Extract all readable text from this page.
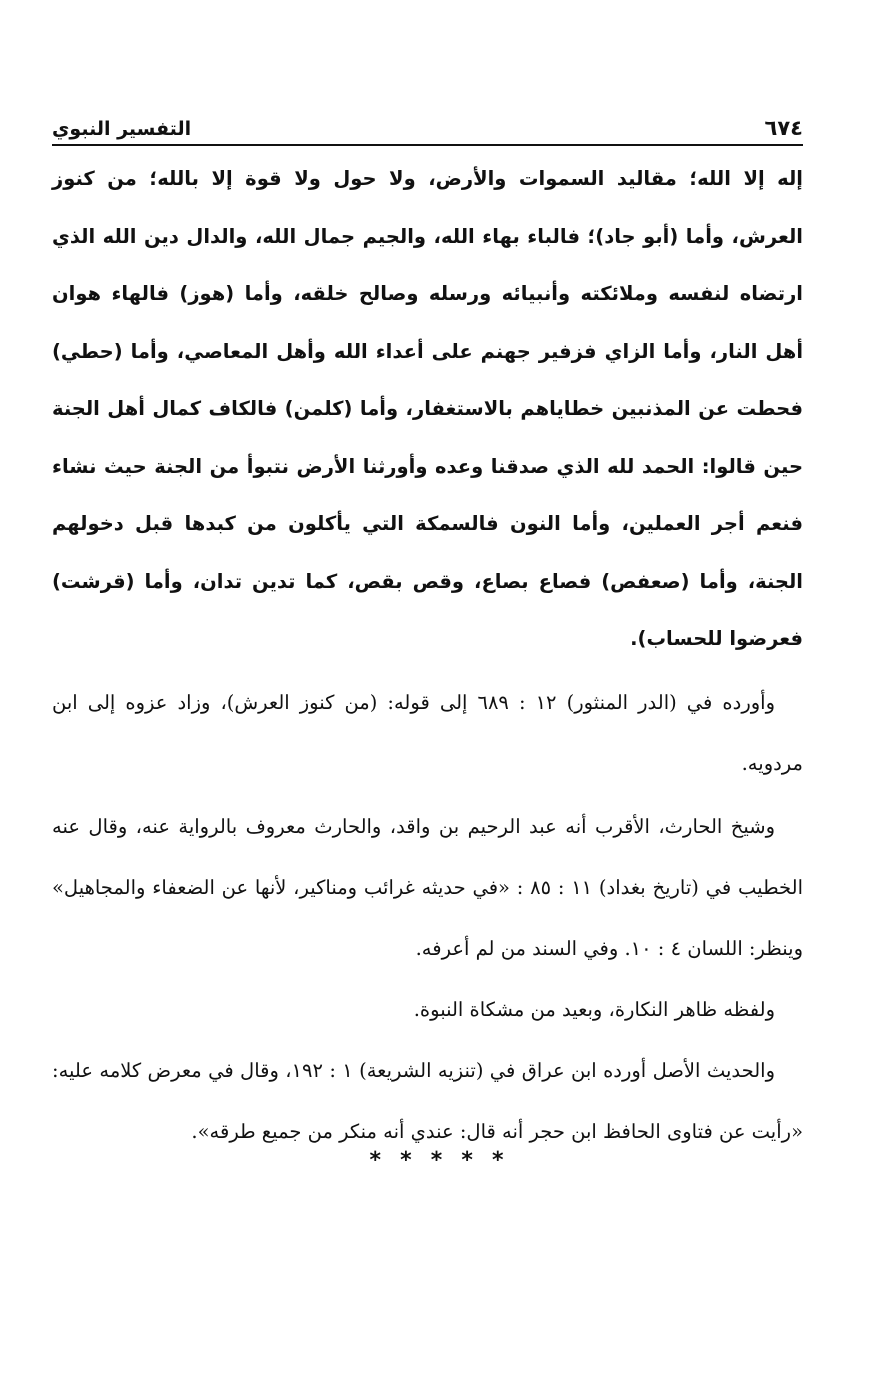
٦٧٤
التفسير النبوي

إله إلا الله؛ مقاليد السموات والأرض، ولا حول ولا قوة إلا بالله؛ من كنوز العرش، وأما (أبو جاد)؛ فالباء بهاء الله، والجيم جمال الله، والدال دين الله الذي ارتضاه لنفسه وملائكته وأنبيائه ورسله وصالح خلقه، وأما (هوز) فالهاء هوان أهل النار، وأما الزاي فزفير جهنم على أعداء الله وأهل المعاصي، وأما (حطي) فحطت عن المذنبين خطاياهم بالاستغفار، وأما (كلمن) فالكاف كمال أهل الجنة حين قالوا: الحمد لله الذي صدقنا وعده وأورثنا الأرض نتبوأ من الجنة حيث نشاء فنعم أجر العملين، وأما النون فالسمكة التي يأكلون من كبدها قبل دخولهم الجنة، وأما (صعفص) فصاع بصاع، وقص بقص، كما تدين تدان، وأما (قرشت) فعرضوا للحساب).

وأورده في (الدر المنثور) ١٢ : ٦٨٩ إلى قوله: (من كنوز العرش)، وزاد عزوه إلى ابن مردويه.

وشيخ الحارث، الأقرب أنه عبد الرحيم بن واقد، والحارث معروف بالرواية عنه، وقال عنه الخطيب في (تاريخ بغداد) ١١ : ٨٥ : «في حديثه غرائب ومناكير، لأنها عن الضعفاء والمجاهيل» وينظر: اللسان ٤ : ١٠. وفي السند من لم أعرفه.

ولفظه ظاهر النكارة، وبعيد من مشكاة النبوة.

والحديث الأصل أورده ابن عراق في (تنزيه الشريعة) ١ : ١٩٢، وقال في معرض كلامه عليه: «رأيت عن فتاوى الحافظ ابن حجر أنه قال: عندي أنه منكر من جميع طرقه».

* * * * *
